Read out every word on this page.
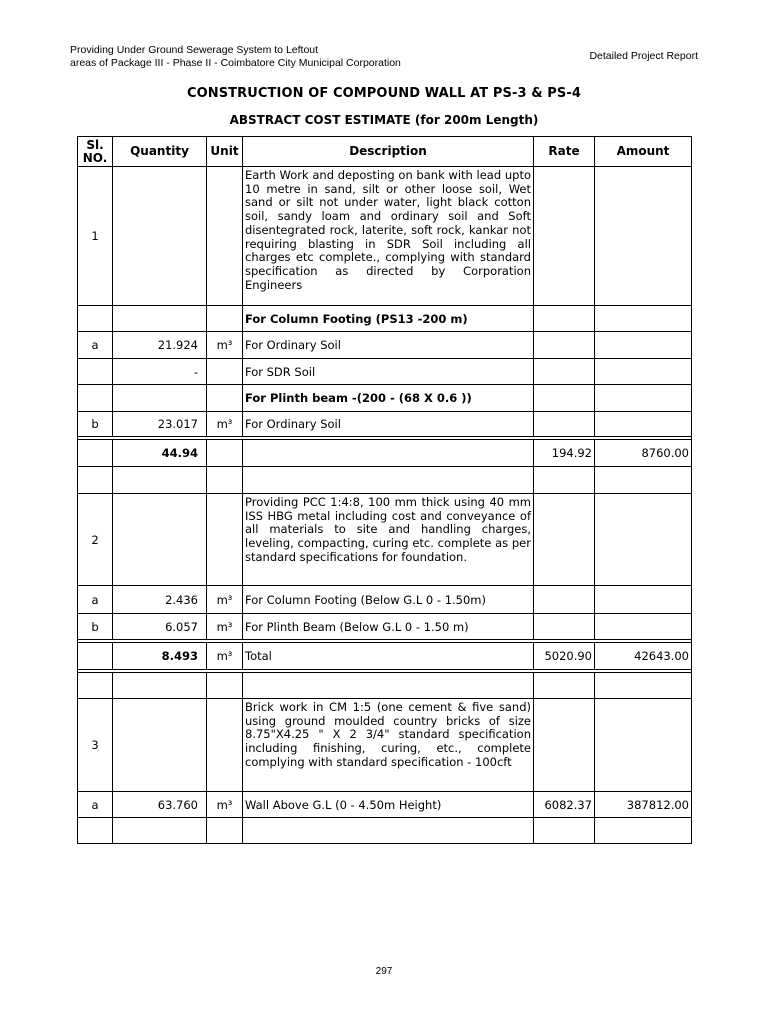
Providing Under Ground Sewerage System to Leftout
areas of Package III - Phase II - Coimbatore City Municipal Corporation
Detailed Project Report
CONSTRUCTION OF COMPOUND WALL AT PS-3 & PS-4
ABSTRACT COST ESTIMATE (for 200m Length)
Sl.
NO.	Quantity	Unit	Description	Rate	Amount
1			Earth Work and deposting on bank with lead upto 10 metre in sand, silt or other loose soil, Wet sand or silt not under water, light black cotton soil, sandy loam and ordinary soil and Soft disentegrated rock, laterite, soft rock, kankar not requiring blasting in SDR Soil including all charges etc complete., complying with standard specification as directed by Corporation Engineers		
			For Column Footing (PS13 -200 m)		
a	21.924	m³	For Ordinary Soil		
	-		For SDR Soil		
			For Plinth beam -(200 - (68 X 0.6 ))		
b	23.017	m³	For Ordinary Soil		

	44.94			194.92	8760.00

2			Providing PCC 1:4:8, 100 mm thick using 40 mm ISS HBG metal including cost and conveyance of all materials to site and handling charges, leveling, compacting, curing etc. complete as per standard specifications for foundation.		
a	2.436	m³	For Column Footing (Below G.L 0 - 1.50m)		
b	6.057	m³	For Plinth Beam (Below G.L 0 - 1.50 m)		

	8.493	m³	Total	5020.90	42643.00

3			Brick work in CM 1:5 (one cement & five sand) using ground moulded country bricks of size 8.75"X4.25 " X 2 3/4" standard specification including finishing, curing, etc., complete complying with standard specification - 100cft		
a	63.760	m³	Wall Above G.L (0 - 4.50m Height)	6082.37	387812.00

297
